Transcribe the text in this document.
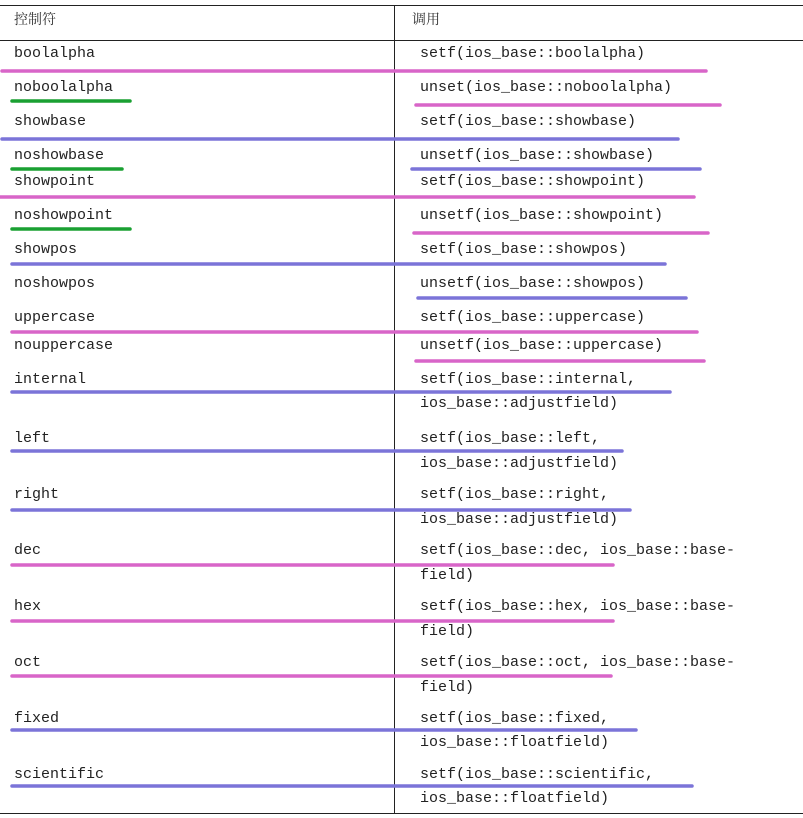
控制符	调用
boolalpha	setf(ios_base::boolalpha)
noboolalpha	unset(ios_base::noboolalpha)
showbase	setf(ios_base::showbase)
noshowbase	unsetf(ios_base::showbase)
showpoint	setf(ios_base::showpoint)
noshowpoint	unsetf(ios_base::showpoint)
showpos	setf(ios_base::showpos)
noshowpos	unsetf(ios_base::showpos)
uppercase	setf(ios_base::uppercase)
nouppercase	unsetf(ios_base::uppercase)
internal	setf(ios_base::internal,
ios_base::adjustfield)
left	setf(ios_base::left,
ios_base::adjustfield)
right	setf(ios_base::right,
ios_base::adjustfield)
dec	setf(ios_base::dec, ios_base::base-
field)
hex	setf(ios_base::hex, ios_base::base-
field)
oct	setf(ios_base::oct, ios_base::base-
field)
fixed	setf(ios_base::fixed,
ios_base::floatfield)
scientific	setf(ios_base::scientific,
ios_base::floatfield)
